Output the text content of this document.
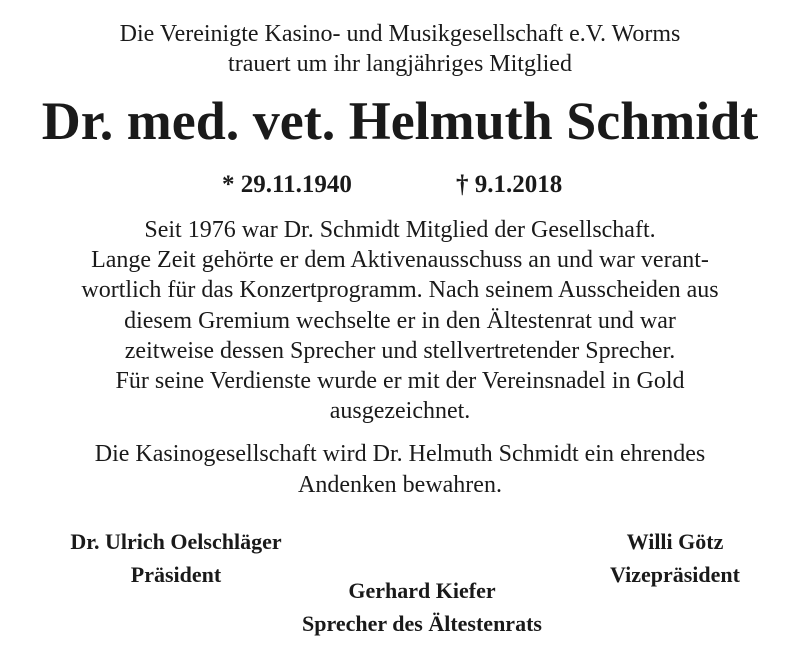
Die Vereinigte Kasino- und Musikgesellschaft e.V. Worms
trauert um ihr langjähriges Mitglied
Dr. med. vet. Helmuth Schmidt
* 29.11.1940	† 9.1.2018
Seit 1976 war Dr. Schmidt Mitglied der Gesellschaft.
Lange Zeit gehörte er dem Aktivenausschuss an und war verant-
wortlich für das Konzertprogramm. Nach seinem Ausscheiden aus
diesem Gremium wechselte er in den Ältestenrat und war
zeitweise dessen Sprecher und stellvertretender Sprecher.
Für seine Verdienste wurde er mit der Vereinsnadel in Gold
ausgezeichnet.
Die Kasinogesellschaft wird Dr. Helmuth Schmidt ein ehrendes
Andenken bewahren.
Dr. Ulrich Oelschläger
Präsident
Gerhard Kiefer
Sprecher des Ältestenrats
Willi Götz
Vizepräsident
